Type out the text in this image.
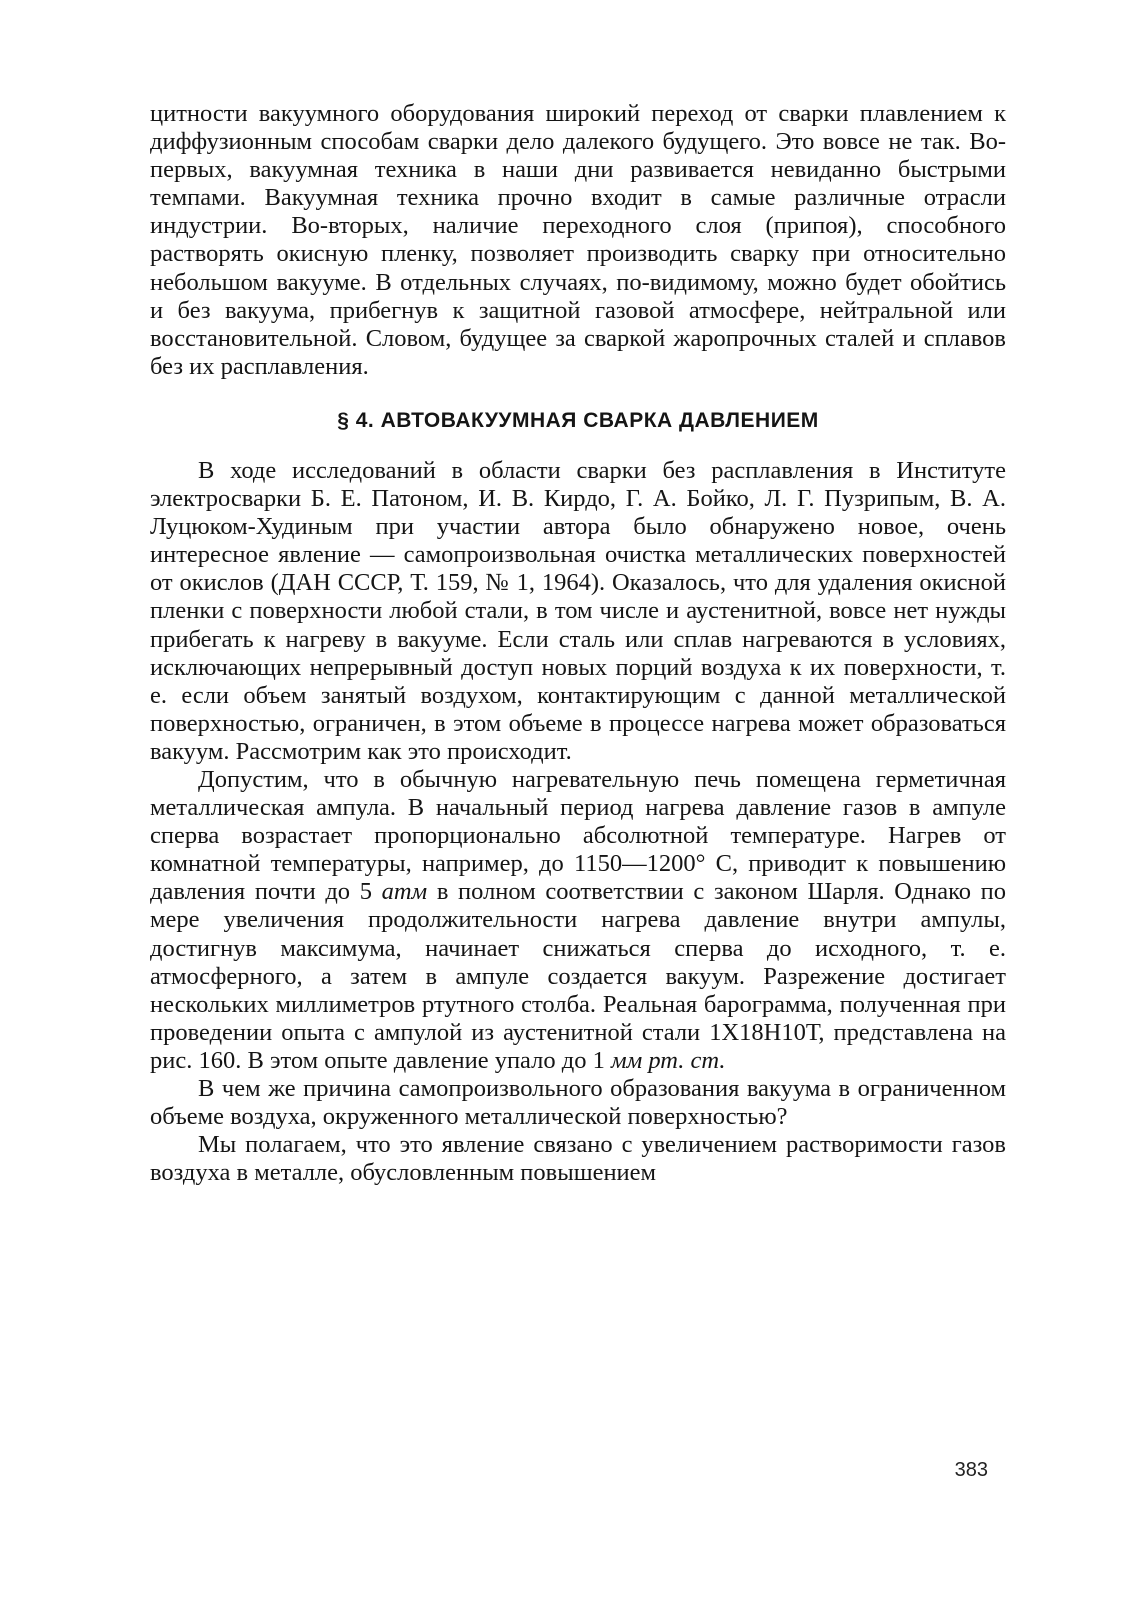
цитности вакуумного оборудования широкий переход от сварки плавлением к диффузионным способам сварки дело далекого будущего. Это вовсе не так. Во-первых, вакуумная техника в наши дни развивается невиданно быстрыми темпами. Вакуумная техника прочно входит в самые различные отрасли индустрии. Во-вторых, наличие переходного слоя (припоя), способного растворять окисную пленку, позволяет производить сварку при относительно небольшом вакууме. В отдельных случаях, по-видимому, можно будет обойтись и без вакуума, прибегнув к защитной газовой атмосфере, нейтральной или восстановительной. Словом, будущее за сваркой жаропрочных сталей и сплавов без их расплавления.

§ 4. АВТОВАКУУМНАЯ СВАРКА ДАВЛЕНИЕМ

В ходе исследований в области сварки без расплавления в Институте электросварки Б. Е. Патоном, И. В. Кирдо, Г. А. Бойко, Л. Г. Пузрипым, В. А. Луцюком-Худиным при участии автора было обнаружено новое, очень интересное явление — самопроизвольная очистка металлических поверхностей от окислов (ДАН СССР, Т. 159, № 1, 1964). Оказалось, что для удаления окисной пленки с поверхности любой стали, в том числе и аустенитной, вовсе нет нужды прибегать к нагреву в вакууме. Если сталь или сплав нагреваются в условиях, исключающих непрерывный доступ новых порций воздуха к их поверхности, т. е. если объем занятый воздухом, контактирующим с данной металлической поверхностью, ограничен, в этом объеме в процессе нагрева может образоваться вакуум. Рассмотрим как это происходит.

Допустим, что в обычную нагревательную печь помещена герметичная металлическая ампула. В начальный период нагрева давление газов в ампуле сперва возрастает пропорционально абсолютной температуре. Нагрев от комнатной температуры, например, до 1150—1200° С, приводит к повышению давления почти до 5 атм в полном соответствии с законом Шарля. Однако по мере увеличения продолжительности нагрева давление внутри ампулы, достигнув максимума, начинает снижаться сперва до исходного, т. е. атмосферного, а затем в ампуле создается вакуум. Разрежение достигает нескольких миллиметров ртутного столба. Реальная барограмма, полученная при проведении опыта с ампулой из аустенитной стали 1Х18Н10Т, представлена на рис. 160. В этом опыте давление упало до 1 мм рт. ст.

В чем же причина самопроизвольного образования вакуума в ограниченном объеме воздуха, окруженного металлической поверхностью?

Мы полагаем, что это явление связано с увеличением растворимости газов воздуха в металле, обусловленным повышением

383
